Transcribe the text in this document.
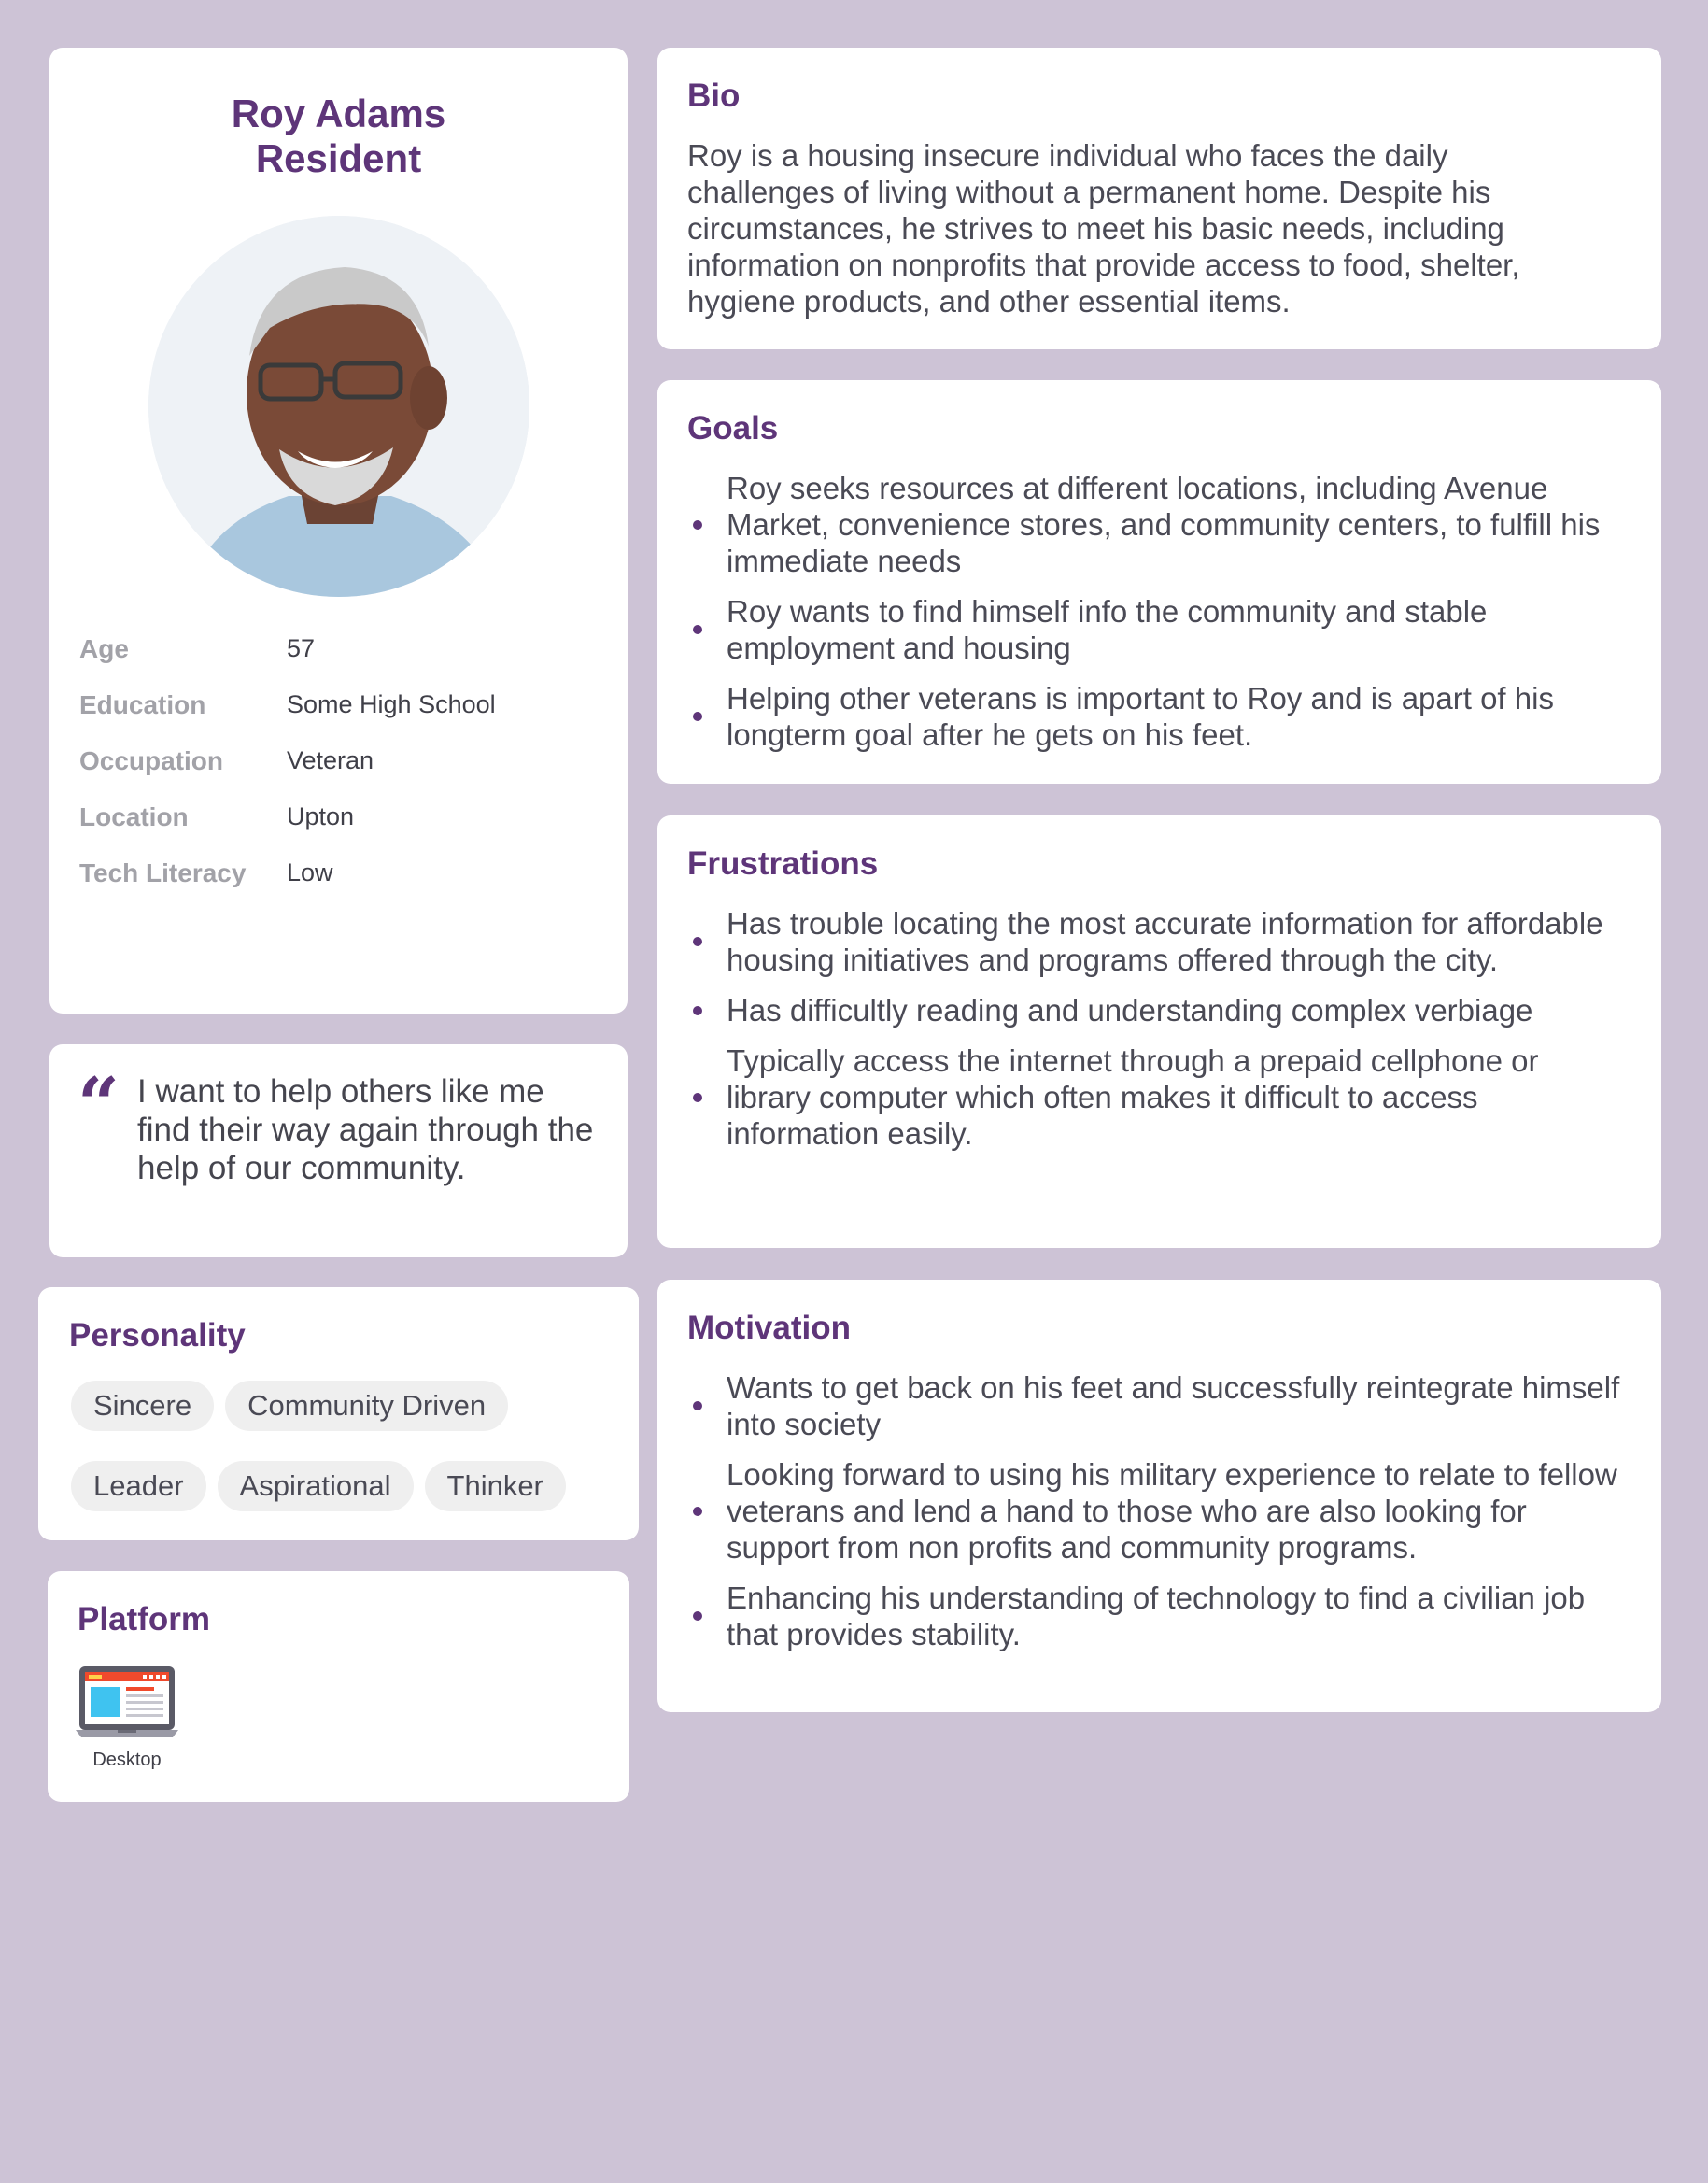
Roy Adams
Resident
Age	57
Education	Some High School
Occupation	Veteran
Location	Upton
Tech Literacy	Low
“ I want to help others like me find their way again through the help of our community.
Personality
Sincere	Community Driven
Leader	Aspirational	Thinker
Platform
Desktop
Bio
Roy is a housing insecure individual who faces the daily challenges of living without a permanent home. Despite his circumstances, he strives to meet his basic needs, including information on nonprofits that provide access to food, shelter, hygiene products, and other essential items.
Goals
Roy seeks resources at different locations, including Avenue Market, convenience stores, and community centers, to fulfill his immediate needs
Roy wants to find himself info the community and stable employment and housing
Helping other veterans is important to Roy and is apart of his longterm goal after he gets on his feet.
Frustrations
Has trouble locating the most accurate information for affordable housing initiatives and programs offered through the city.
Has difficultly reading and understanding complex verbiage
Typically access the internet through a prepaid cellphone or library computer which often makes it difficult to access information easily.
Motivation
Wants to get back on his feet and successfully reintegrate himself into society
Looking forward to using his military experience to relate to fellow veterans and lend a hand to those who are also looking for support from non profits and community programs.
Enhancing his understanding of technology to find a civilian job that provides stability.
